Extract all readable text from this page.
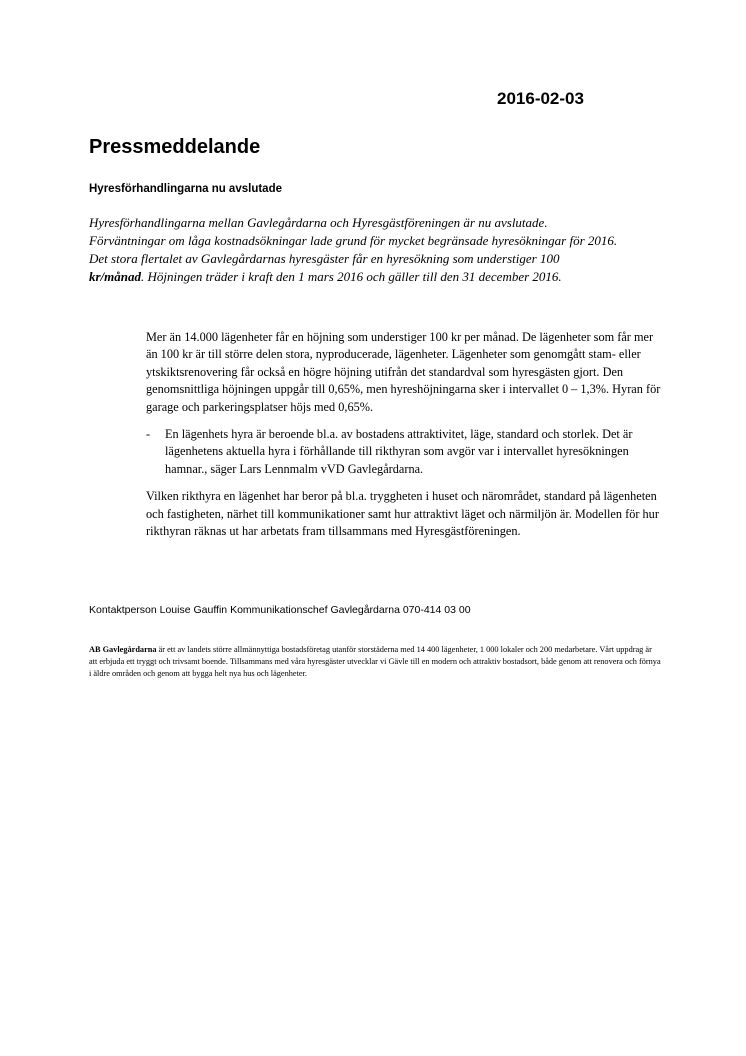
2016-02-03
Pressmeddelande
Hyresförhandlingarna nu avslutade
Hyresförhandlingarna mellan Gavlegårdarna och Hyresgästföreningen är nu avslutade.
Förväntningar om låga kostnadsökningar lade grund för mycket begränsade hyresökningar för 2016.
Det stora flertalet av Gavlegårdarnas hyresgäster får en hyresökning som understiger 100
kr/månad. Höjningen träder i kraft den 1 mars 2016 och gäller till den 31 december 2016.

Mer än 14.000 lägenheter får en höjning som understiger 100 kr per månad. De lägenheter som får mer än 100 kr är till större delen stora, nyproducerade, lägenheter. Lägenheter som genomgått stam- eller ytskiktsrenovering får också en högre höjning utifrån det standardval som hyresgästen gjort. Den genomsnittliga höjningen uppgår till 0,65%, men hyreshöjningarna sker i intervallet 0 – 1,3%. Hyran för garage och parkeringsplatser höjs med 0,65%.

-	En lägenhets hyra är beroende bl.a. av bostadens attraktivitet, läge, standard och storlek. Det är lägenhetens aktuella hyra i förhållande till rikthyran som avgör var i intervallet hyresökningen hamnar., säger Lars Lennmalm vVD Gavlegårdarna.

Vilken rikthyra en lägenhet har beror på bl.a. tryggheten i huset och närområdet, standard på lägenheten och fastigheten, närhet till kommunikationer samt hur attraktivt läget och närmiljön är. Modellen för hur rikthyran räknas ut har arbetats fram tillsammans med Hyresgästföreningen.

Kontaktperson Louise Gauffin Kommunikationschef Gavlegårdarna 070-414 03 00
AB Gavlegårdarna är ett av landets större allmännyttiga bostadsföretag utanför storstäderna med 14 400 lägenheter, 1 000 lokaler och 200 medarbetare. Vårt uppdrag är att erbjuda ett tryggt och trivsamt boende. Tillsammans med våra hyresgäster utvecklar vi Gävle till en modern och attraktiv bostadsort, både genom att renovera och förnya i äldre områden och genom att bygga helt nya hus och lägenheter.
